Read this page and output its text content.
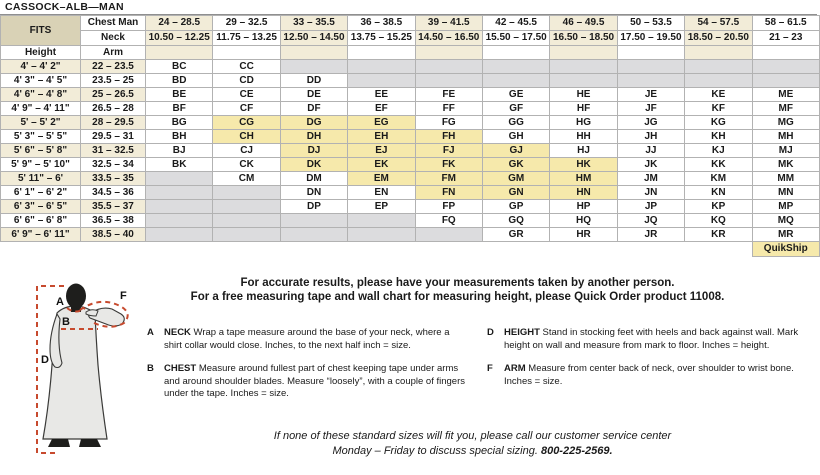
CASSOCK–ALB—MAN
FITS	Chest Man	24 – 28.5	29 – 32.5	33 – 35.5	36 – 38.5	39 – 41.5	42 – 45.5	46 – 49.5	50 – 53.5	54 – 57.5	58 – 61.5
	Neck	10.50 – 12.25	11.75 – 13.25	12.50 – 14.50	13.75 – 15.25	14.50 – 16.50	15.50 – 17.50	16.50 – 18.50	17.50 – 19.50	18.50 – 20.50	21 – 23
Height	Arm										
4' – 4' 2"	22 – 23.5	BC	CC								
4' 3" – 4' 5"	23.5 – 25	BD	CD	DD							
4' 6" – 4' 8"	25 – 26.5	BE	CE	DE	EE	FE	GE	HE	JE	KE	ME
4' 9" – 4' 11"	26.5 – 28	BF	CF	DF	EF	FF	GF	HF	JF	KF	MF
5' – 5' 2"	28 – 29.5	BG	CG	DG	EG	FG	GG	HG	JG	KG	MG
5' 3" – 5' 5"	29.5 – 31	BH	CH	DH	EH	FH	GH	HH	JH	KH	MH
5' 6" – 5' 8"	31 – 32.5	BJ	CJ	DJ	EJ	FJ	GJ	HJ	JJ	KJ	MJ
5' 9" – 5' 10"	32.5 – 34	BK	CK	DK	EK	FK	GK	HK	JK	KK	MK
5' 11" – 6'	33.5 – 35		CM	DM	EM	FM	GM	HM	JM	KM	MM
6' 1" – 6' 2"	34.5 – 36			DN	EN	FN	GN	HN	JN	KN	MN
6' 3" – 6' 5"	35.5 – 37			DP	EP	FP	GP	HP	JP	KP	MP
6' 6" – 6' 8"	36.5 – 38					FQ	GQ	HQ	JQ	KQ	MQ
6' 9" – 6' 11"	38.5 – 40						GR	HR	JR	KR	MR
											QuikShip
For accurate results, please have your measurements taken by another person.
For a free measuring tape and wall chart for measuring height, please Quick Order product 11008.
A
B
D
F
A	NECK Wrap a tape measure around the base of your neck, where a shirt collar would close. Inches, to the next half inch = size.
B	CHEST Measure around fullest part of chest keeping tape under arms and around shoulder blades. Measure “loosely”, with a couple of fingers under the tape. Inches = size.
D	HEIGHT Stand in stocking feet with heels and back against wall. Mark height on wall and measure from mark to floor. Inches = height.
F	ARM Measure from center back of neck, over shoulder to wrist bone. Inches = size.
If none of these standard sizes will fit you, please call our customer service center
Monday – Friday to discuss special sizing. 800-225-2569.
